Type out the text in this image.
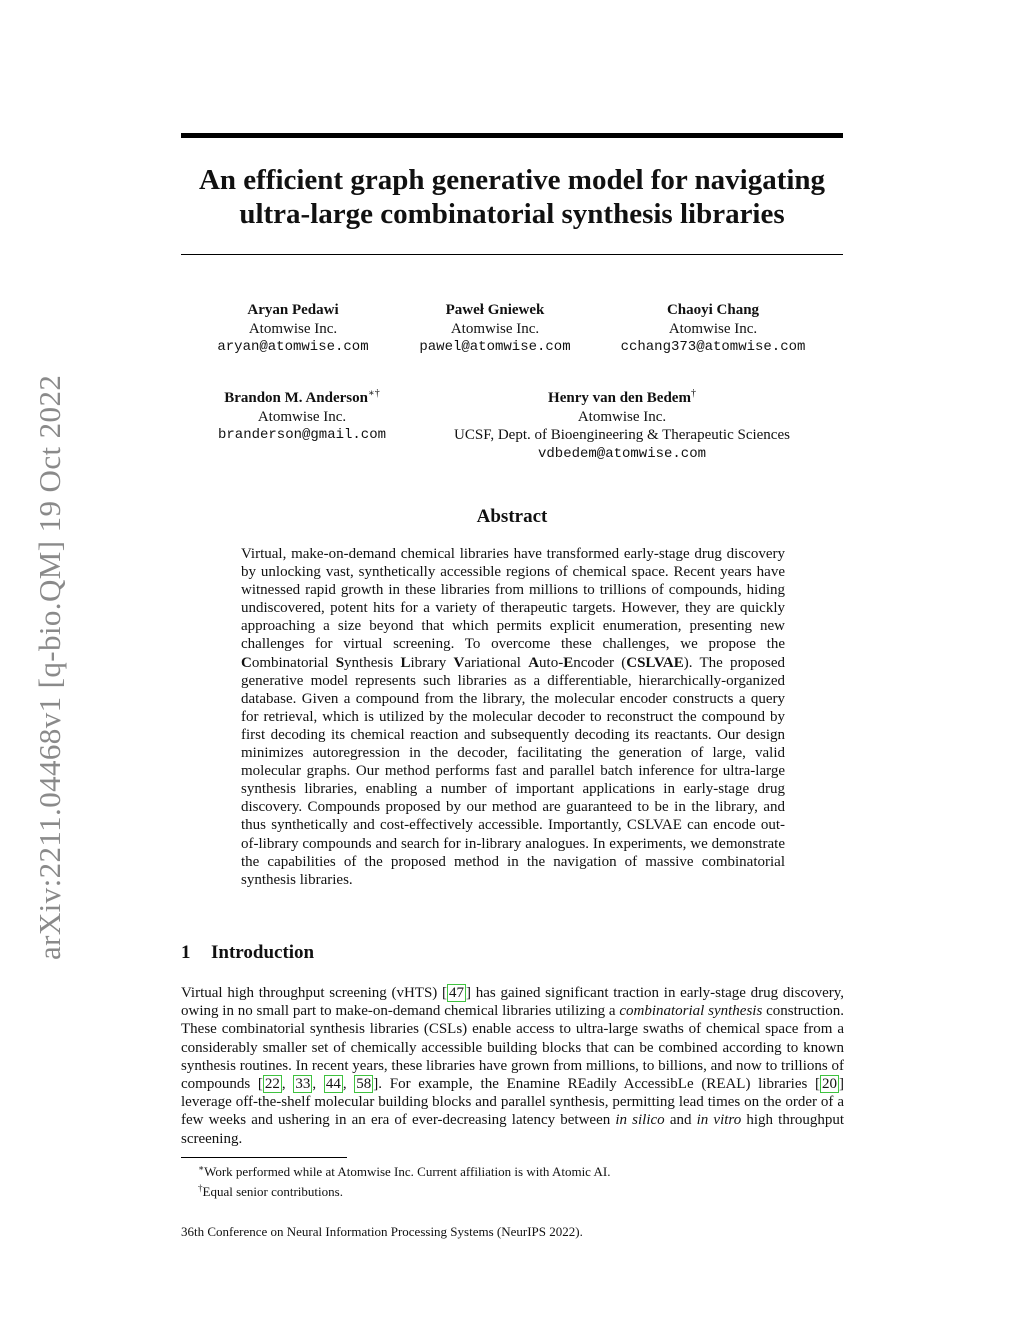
arXiv:2211.04468v1 [q-bio.QM] 19 Oct 2022
An efficient graph generative model for navigating
ultra-large combinatorial synthesis libraries
Aryan Pedawi
Atomwise Inc.
aryan@atomwise.com
Paweł Gniewek
Atomwise Inc.
pawel@atomwise.com
Chaoyi Chang
Atomwise Inc.
cchang373@atomwise.com
Brandon M. Anderson∗†
Atomwise Inc.
branderson@gmail.com
Henry van den Bedem†
Atomwise Inc.
UCSF, Dept. of Bioengineering & Therapeutic Sciences
vdbedem@atomwise.com
Abstract

Virtual, make-on-demand chemical libraries have transformed early-stage drug discovery by unlocking vast, synthetically accessible regions of chemical space. Recent years have witnessed rapid growth in these libraries from millions to trillions of compounds, hiding undiscovered, potent hits for a variety of therapeutic targets. However, they are quickly approaching a size beyond that which permits explicit enumeration, presenting new challenges for virtual screening. To overcome these challenges, we propose the Combinatorial Synthesis Library Variational Auto-Encoder (CSLVAE). The proposed generative model represents such libraries as a differentiable, hierarchically-organized database. Given a compound from the library, the molecular encoder constructs a query for retrieval, which is utilized by the molecular decoder to reconstruct the compound by first decoding its chemical reaction and subsequently decoding its reactants. Our design minimizes autoregression in the decoder, facilitating the generation of large, valid molecular graphs. Our method performs fast and parallel batch inference for ultra-large synthesis libraries, enabling a number of important applications in early-stage drug discovery. Compounds proposed by our method are guaranteed to be in the library, and thus synthetically and cost-effectively accessible. Importantly, CSLVAE can encode out-of-library compounds and search for in-library analogues. In experiments, we demonstrate the capabilities of the proposed method in the navigation of massive combinatorial synthesis libraries.

1 Introduction

Virtual high throughput screening (vHTS) [ 47 ] has gained significant traction in early-stage drug discovery, owing in no small part to make-on-demand chemical libraries utilizing a combinatorial synthesis construction. These combinatorial synthesis libraries (CSLs) enable access to ultra-large swaths of chemical space from a considerably smaller set of chemically accessible building blocks that can be combined according to known synthesis routines. In recent years, these libraries have grown from millions, to billions, and now to trillions of compounds [ 22 , 33 , 44 , 58 ]. For example, the Enamine REadily AccessibLe (REAL) libraries [ 20 ] leverage off-the-shelf molecular building blocks and parallel synthesis, permitting lead times on the order of a few weeks and ushering in an era of ever-decreasing latency between in silico and in vitro high throughput screening.

∗Work performed while at Atomwise Inc. Current affiliation is with Atomic AI.
†Equal senior contributions.
36th Conference on Neural Information Processing Systems (NeurIPS 2022).
